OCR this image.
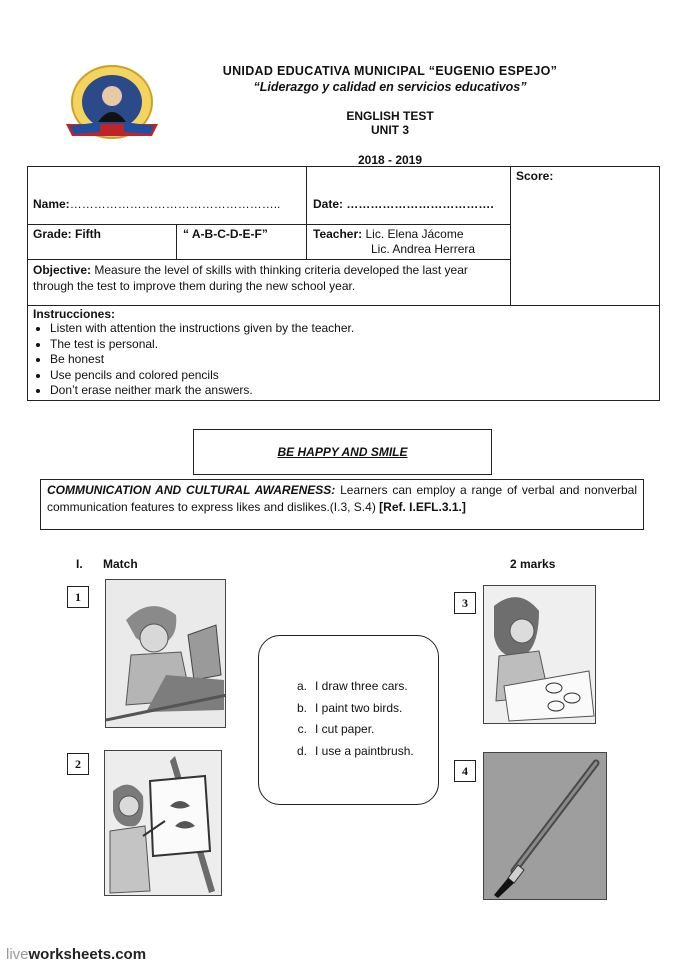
UNIDAD EDUCATIVA MUNICIPAL “EUGENIO ESPEJO”
“Liderazgo y calidad en servicios educativos”
ENGLISH TEST
UNIT 3
2018 - 2019
Score:
Name:……………………………………………..	Date: ……………………………….
Grade: Fifth	“ A-B-C-D-E-F”	Teacher: Lic. Elena Jácome
Lic. Andrea Herrera
Objective: Measure the level of skills with thinking criteria developed the last year through the test to improve them during the new school year.
Instrucciones:
• Listen with attention the instructions given by the teacher.
• The test is personal.
• Be honest
• Use pencils and colored pencils
• Don’t erase neither mark the answers.
BE HAPPY AND SMILE
COMMUNICATION AND CULTURAL AWARENESS: Learners can employ a range of verbal and nonverbal communication features to express likes and dislikes.(I.3, S.4) [Ref. I.EFL.3.1.]
I. Match	2 marks
1	3
a. I draw three cars.
b. I paint two birds.
c. I cut paper.
d. I use a paintbrush.
2	4
liveworksheets.com
